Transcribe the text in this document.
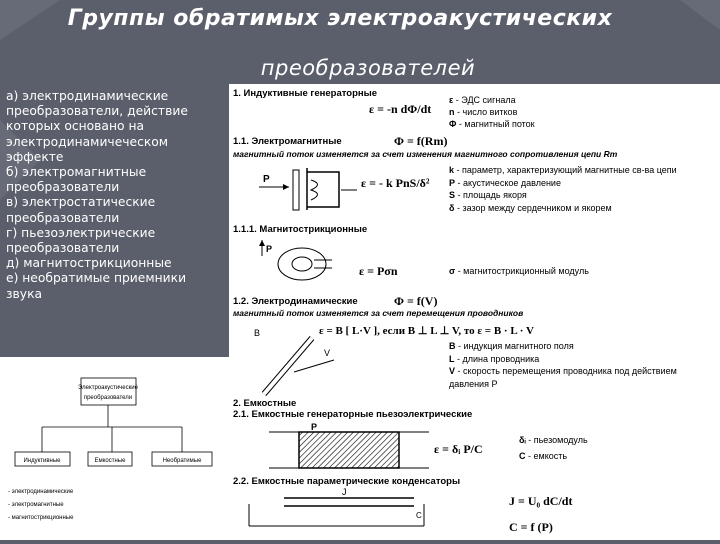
Группы обратимых электроакустических
преобразователей
а) электродинамические
преобразователи, действие
которых основано на
электродинамичеческом
эффекте
б) электромагнитные
преобразователи
в) электростатические
преобразователи
г) пьезоэлектрические
преобразователи
д) магнитострикционные
е) необратимые приемники
звука
Электроакустические
преобразователи
Индуктивные	Емкостные	Необратимые
- электродинамические
- электромагнитные
- магнитострикционные
1. Индуктивные генераторные
ε = -n dΦ/dt
ε - ЭДС сигнала
n - число витков
Φ - магнитный поток
1.1. Электромагнитные	Φ = f(Rm)
магнитный поток изменяется за счет изменения магнитного сопротивления цепи Rm
P	ε = - k PnS/δ²
k - параметр, характеризующий магнитные св-ва цепи
P - акустическое давление
S - площадь якоря
δ - зазор между сердечником и якорем
1.1.1. Магнитострикционные
P
ε = Pσn	σ - магнитострикционный модуль
1.2. Электродинамические	Φ = f(V)
магнитный поток изменяется за счет перемещения проводников
ε = B [ L·V ], если B ⊥ L ⊥ V, то ε = B · L · V
B
V
B - индукция магнитного поля
L - длина проводника
V - скорость перемещения проводника под действием давления P
2. Емкостные
2.1. Емкостные генераторные пьезоэлектрические
P
ε = δᵢ P/C
δᵢ - пьезомодуль
C - емкость
2.2. Емкостные параметрические конденсаторы
J
C
J = U₀ dC/dt
C = f (P)
